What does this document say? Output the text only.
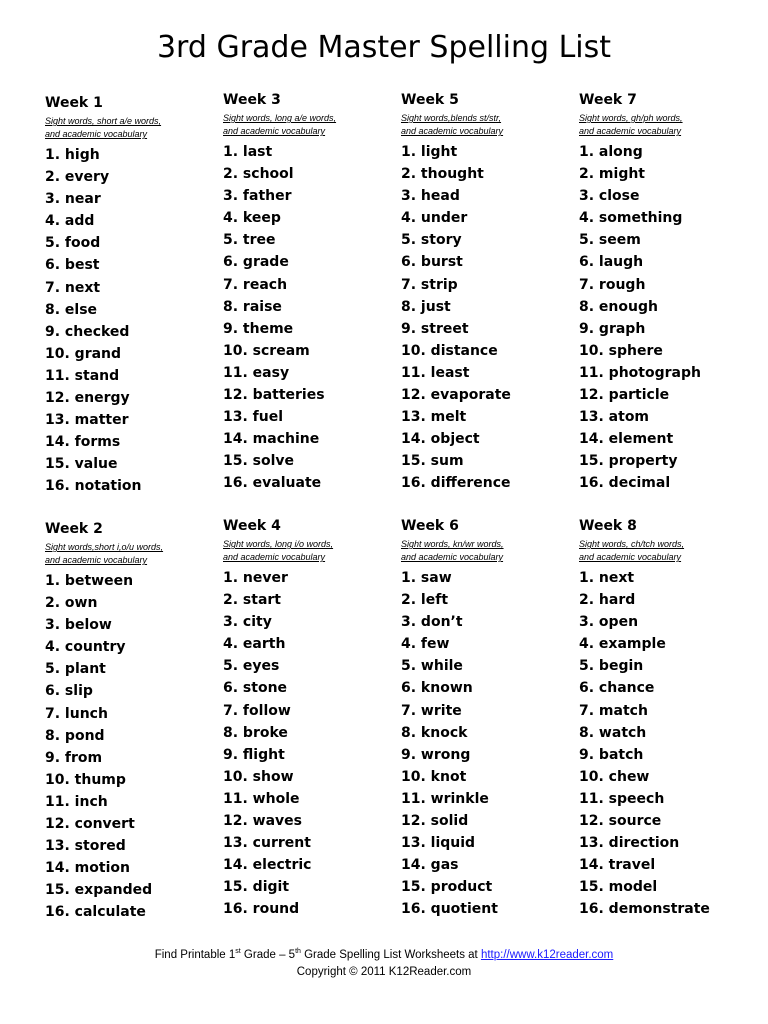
3rd Grade Master Spelling List
Week 1
Sight words, short a/e words,
and academic vocabulary
1. high
2. every
3. near
4. add
5. food
6. best
7. next
8. else
9. checked
10. grand
11. stand
12. energy
13. matter
14. forms
15. value
16. notation
Week 2
Sight words,short i,o/u words,
and academic vocabulary
1. between
2. own
3. below
4. country
5. plant
6. slip
7. lunch
8. pond
9. from
10. thump
11. inch
12. convert
13. stored
14. motion
15. expanded
16. calculate
Week 3
Sight words, long a/e words,
and academic vocabulary
1. last
2. school
3. father
4. keep
5. tree
6. grade
7. reach
8. raise
9. theme
10. scream
11. easy
12. batteries
13. fuel
14. machine
15. solve
16. evaluate
Week 4
Sight words, long i/o words,
and academic vocabulary
1. never
2. start
3. city
4. earth
5. eyes
6. stone
7. follow
8. broke
9. flight
10. show
11. whole
12. waves
13. current
14. electric
15. digit
16. round
Week 5
Sight words,blends st/str,
and academic vocabulary
1. light
2. thought
3. head
4. under
5. story
6. burst
7. strip
8. just
9. street
10. distance
11. least
12. evaporate
13. melt
14. object
15. sum
16. difference
Week 6
Sight words, kn/wr words,
and academic vocabulary
1. saw
2. left
3. don’t
4. few
5. while
6. known
7. write
8. knock
9. wrong
10. knot
11. wrinkle
12. solid
13. liquid
14. gas
15. product
16. quotient
Week 7
Sight words, gh/ph words,
and academic vocabulary
1. along
2. might
3. close
4. something
5. seem
6. laugh
7. rough
8. enough
9. graph
10. sphere
11. photograph
12. particle
13. atom
14. element
15. property
16. decimal
Week 8
Sight words, ch/tch words,
and academic vocabulary
1. next
2. hard
3. open
4. example
5. begin
6. chance
7. match
8. watch
9. batch
10. chew
11. speech
12. source
13. direction
14. travel
15. model
16. demonstrate
Find Printable 1st Grade – 5th Grade Spelling List Worksheets at http://www.k12reader.com
Copyright © 2011 K12Reader.com
